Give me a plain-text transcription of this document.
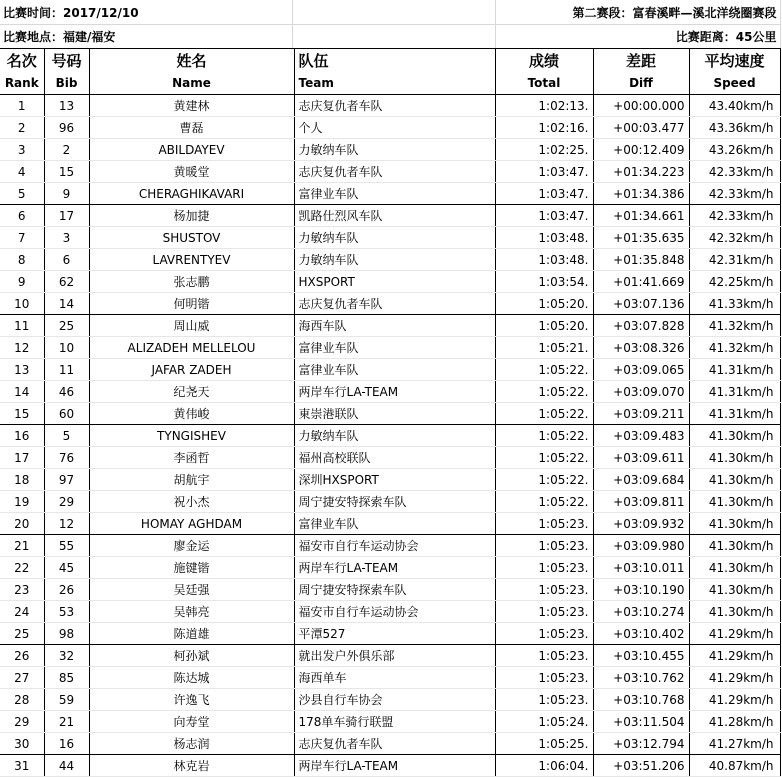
比赛时间：2017/12/10		第二赛段：富春溪畔—溪北洋绕圈赛段
比赛地点：福建/福安		比赛距离：45公里
名次	号码	姓名	队伍	成绩	差距	平均速度
Rank	Bib	Name	Team	Total	Diff	Speed
1	13	黄建林	志庆复仇者车队	1:02:13.	+00:00.000	43.40km/h
2	96	曹磊	个人	1:02:16.	+00:03.477	43.36km/h
3	2	ABILDAYEV	力敏纳车队	1:02:25.	+00:12.409	43.26km/h
4	15	黄暖堂	志庆复仇者车队	1:03:47.	+01:34.223	42.33km/h
5	9	CHERAGHIKAVARI	富律业车队	1:03:47.	+01:34.386	42.33km/h
6	17	杨加捷	凯路仕烈风车队	1:03:47.	+01:34.661	42.33km/h
7	3	SHUSTOV	力敏纳车队	1:03:48.	+01:35.635	42.32km/h
8	6	LAVRENTYEV	力敏纳车队	1:03:48.	+01:35.848	42.31km/h
9	62	张志鹏	HXSPORT	1:03:54.	+01:41.669	42.25km/h
10	14	何明锴	志庆复仇者车队	1:05:20.	+03:07.136	41.33km/h
11	25	周山威	海西车队	1:05:20.	+03:07.828	41.32km/h
12	10	ALIZADEH MELLELOU	富律业车队	1:05:21.	+03:08.326	41.32km/h
13	11	JAFAR ZADEH	富律业车队	1:05:22.	+03:09.065	41.31km/h
14	46	纪尧天	两岸车行LA-TEAM	1:05:22.	+03:09.070	41.31km/h
15	60	黄伟峻	東崇港联队	1:05:22.	+03:09.211	41.31km/h
16	5	TYNGISHEV	力敏纳车队	1:05:22.	+03:09.483	41.30km/h
17	76	李函哲	福州高校联队	1:05:22.	+03:09.611	41.30km/h
18	97	胡航宇	深圳HXSPORT	1:05:22.	+03:09.684	41.30km/h
19	29	祝小杰	周宁捷安特探索车队	1:05:22.	+03:09.811	41.30km/h
20	12	HOMAY AGHDAM	富律业车队	1:05:23.	+03:09.932	41.30km/h
21	55	廖金运	福安市自行车运动协会	1:05:23.	+03:09.980	41.30km/h
22	45	施键锴	两岸车行LA-TEAM	1:05:23.	+03:10.011	41.30km/h
23	26	吴廷强	周宁捷安特探索车队	1:05:23.	+03:10.190	41.30km/h
24	53	吴韩亮	福安市自行车运动协会	1:05:23.	+03:10.274	41.30km/h
25	98	陈道雄	平潭527	1:05:23.	+03:10.402	41.29km/h
26	32	柯孙斌	就出发户外俱乐部	1:05:23.	+03:10.455	41.29km/h
27	85	陈达城	海西单车	1:05:23.	+03:10.762	41.29km/h
28	59	许逸飞	沙县自行车协会	1:05:23.	+03:10.768	41.29km/h
29	21	向寿堂	178单车骑行联盟	1:05:24.	+03:11.504	41.28km/h
30	16	杨志润	志庆复仇者车队	1:05:25.	+03:12.794	41.27km/h
31	44	林克岩	两岸车行LA-TEAM	1:06:04.	+03:51.206	40.87km/h
